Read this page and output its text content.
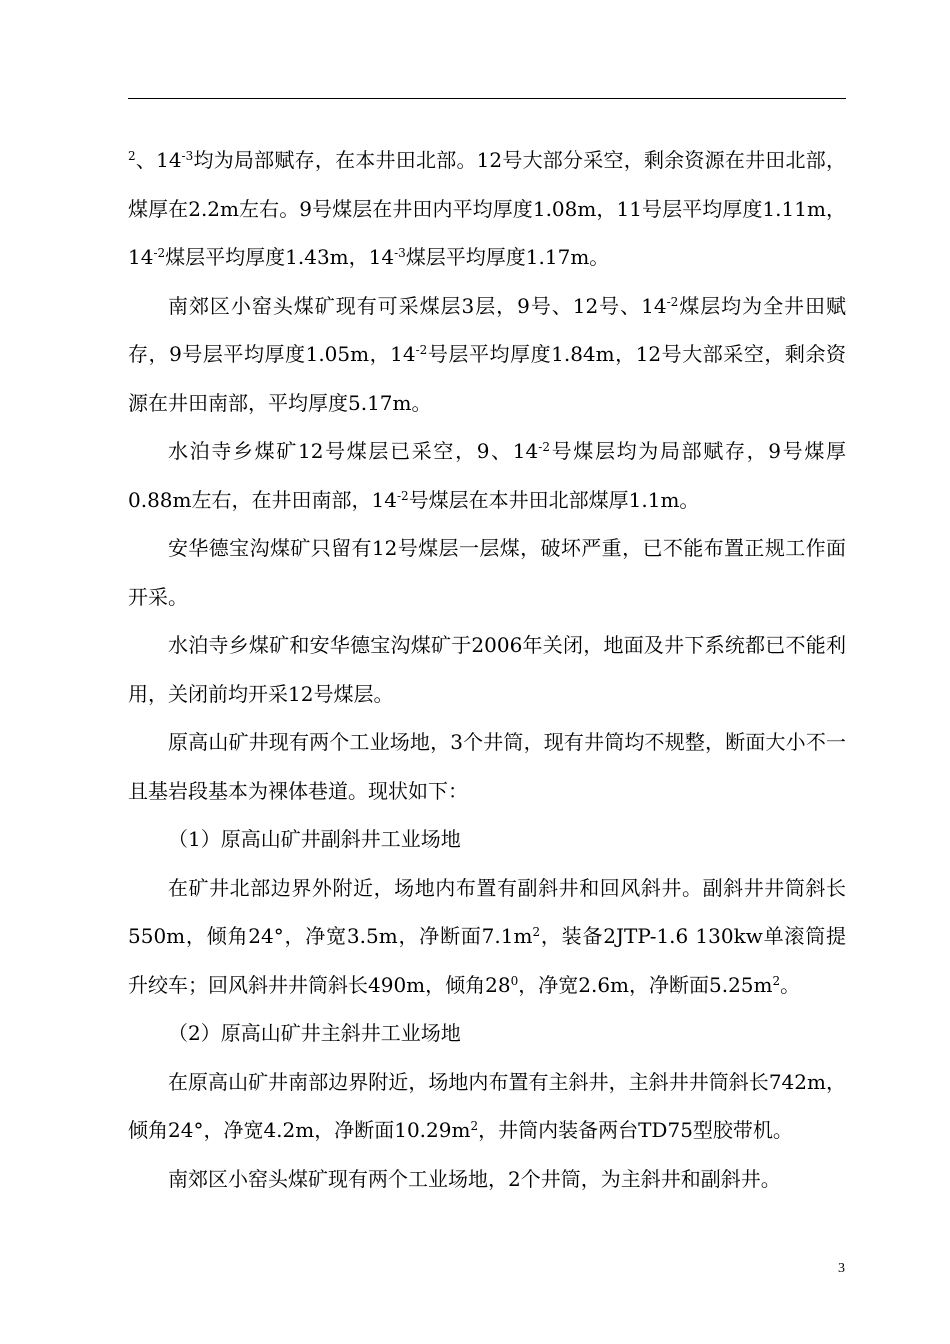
$^2$、$14^{-3}$均为局部赋存，在本井田北部。12号大部分采空，剩余资源在井田北部，煤厚在2.2m左右。9号煤层在井田内平均厚度1.08m，11号层平均厚度1.11m，$14^{-2}$煤层平均厚度1.43m，$14^{-3}$煤层平均厚度1.17m。

南郊区小窑头煤矿现有可采煤层3层，9号、12号、$14^{-2}$煤层均为全井田赋存，9号层平均厚度1.05m，$14^{-2}$号层平均厚度1.84m，12号大部采空，剩余资源在井田南部，平均厚度5.17m。

水泊寺乡煤矿12号煤层已采空，9、$14^{-2}$号煤层均为局部赋存，9号煤厚0.88m左右，在井田南部，$14^{-2}$号煤层在本井田北部煤厚1.1m。

安华德宝沟煤矿只留有12号煤层一层煤，破坏严重，已不能布置正规工作面开采。

水泊寺乡煤矿和安华德宝沟煤矿于2006年关闭，地面及井下系统都已不能利用，关闭前均开采12号煤层。

原高山矿井现有两个工业场地，3个井筒，现有井筒均不规整，断面大小不一且基岩段基本为裸体巷道。现状如下：

（1）原高山矿井副斜井工业场地

在矿井北部边界外附近，场地内布置有副斜井和回风斜井。副斜井井筒斜长550m，倾角24°，净宽3.5m，净断面$7.1m^2$，装备2JTP-1.6 130kw单滚筒提升绞车；回风斜井井筒斜长490m，倾角$28^0$，净宽2.6m，净断面$5.25m^2$。

（2）原高山矿井主斜井工业场地

在原高山矿井南部边界附近，场地内布置有主斜井，主斜井井筒斜长742m，倾角24°，净宽4.2m，净断面$10.29m^2$，井筒内装备两台TD75型胶带机。

南郊区小窑头煤矿现有两个工业场地，2个井筒，为主斜井和副斜井。

3
